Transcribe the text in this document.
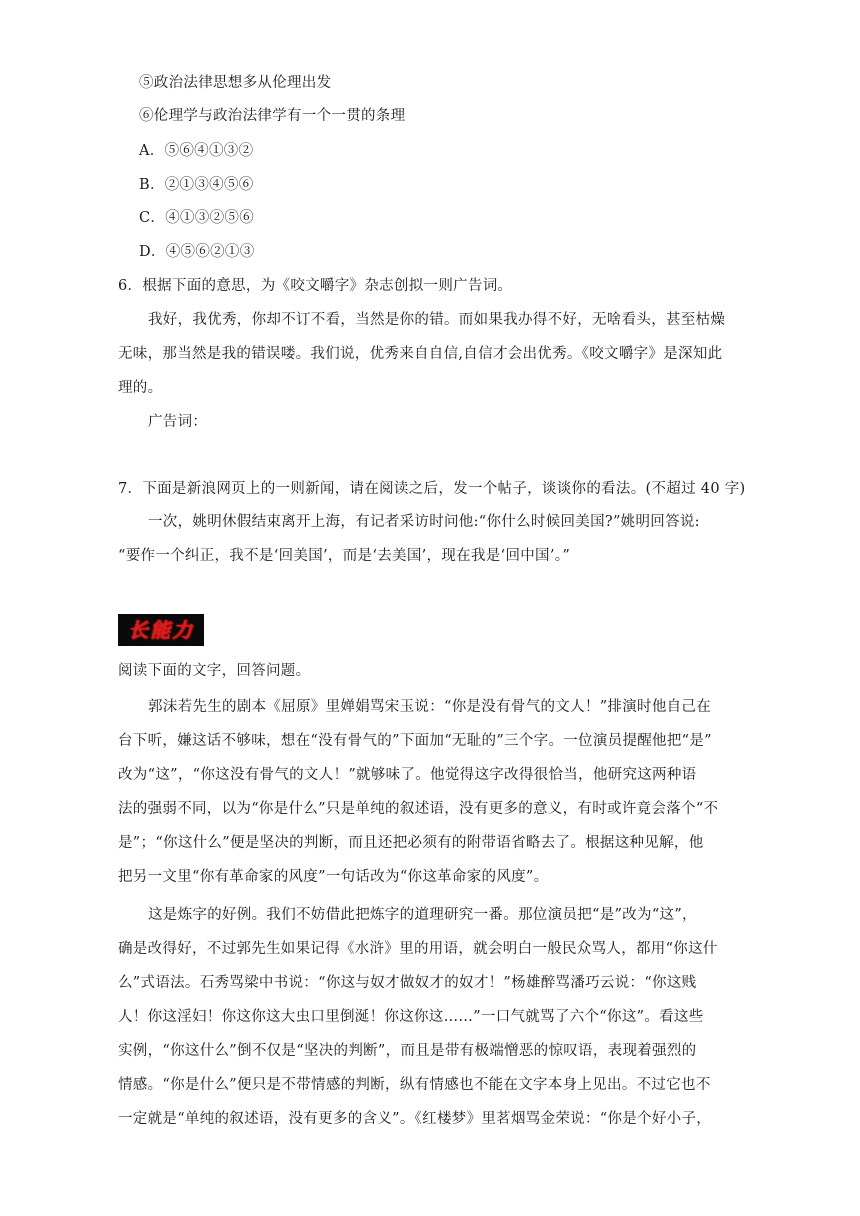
⑤政治法律思想多从伦理出发
⑥伦理学与政治法律学有一个一贯的条理
A．⑤⑥④①③②
B．②①③④⑤⑥
C．④①③②⑤⑥
D．④⑤⑥②①③
6．根据下面的意思，为《咬文嚼字》杂志创拟一则广告词。
我好，我优秀，你却不订不看，当然是你的错。而如果我办得不好，无啥看头，甚至枯燥
无味，那当然是我的错误喽。我们说，优秀来自自信,自信才会出优秀。《咬文嚼字》是深知此
理的。
广告词：
7．下面是新浪网页上的一则新闻，请在阅读之后，发一个帖子，谈谈你的看法。(不超过 40 字)
一次，姚明休假结束离开上海，有记者采访时问他:“你什么时候回美国?”姚明回答说:
“要作一个纠正，我不是‘回美国’，而是‘去美国’，现在我是‘回中国’。”
长能力
阅读下面的文字，回答问题。
郭沫若先生的剧本《屈原》里婵娟骂宋玉说：“你是没有骨气的文人！”排演时他自己在
台下听，嫌这话不够味，想在“没有骨气的”下面加“无耻的”三个字。一位演员提醒他把“是”
改为“这”，“你这没有骨气的文人！”就够味了。他觉得这字改得很恰当，他研究这两种语
法的强弱不同，以为“你是什么”只是单纯的叙述语，没有更多的意义，有时或许竟会落个“不
是”；“你这什么”便是坚决的判断，而且还把必须有的附带语省略去了。根据这种见解，他
把另一文里“你有革命家的风度”一句话改为“你这革命家的风度”。
这是炼字的好例。我们不妨借此把炼字的道理研究一番。那位演员把“是”改为“这”，
确是改得好，不过郭先生如果记得《水浒》里的用语，就会明白一般民众骂人，都用“你这什
么”式语法。石秀骂梁中书说：“你这与奴才做奴才的奴才！”杨雄醉骂潘巧云说：“你这贱
人！你这淫妇！你这你这大虫口里倒涎！你这你这……”一口气就骂了六个“你这”。看这些
实例，“你这什么”倒不仅是“坚决的判断”，而且是带有极端憎恶的惊叹语，表现着强烈的
情感。“你是什么”便只是不带情感的判断，纵有情感也不能在文字本身上见出。不过它也不
一定就是“单纯的叙述语，没有更多的含义”。《红楼梦》里茗烟骂金荣说：“你是个好小子，
